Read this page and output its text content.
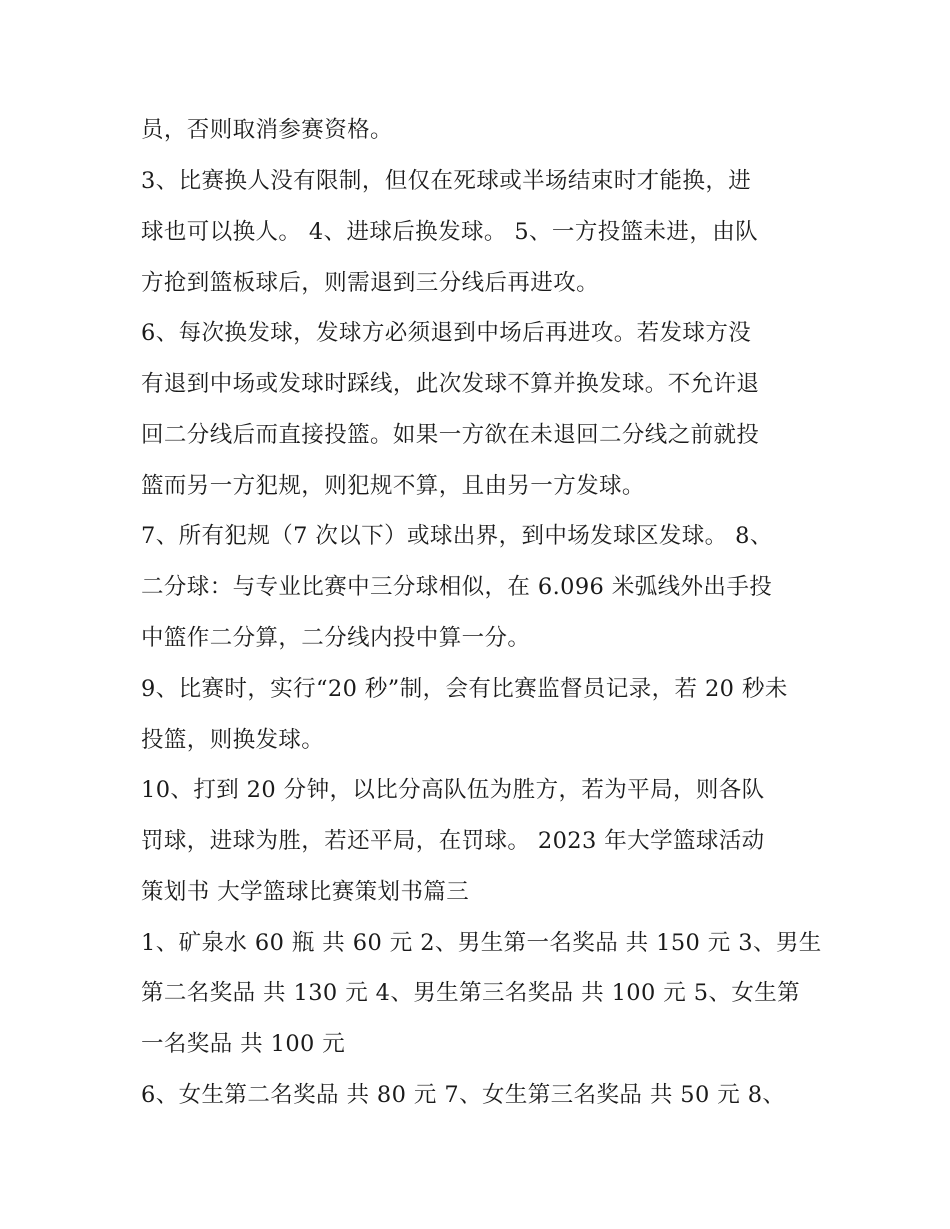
员，否则取消参赛资格。
3、比赛换人没有限制，但仅在死球或半场结束时才能换，进
球也可以换人。 4、进球后换发球。 5、一方投篮未进，由队
方抢到篮板球后，则需退到三分线后再进攻。
6、每次换发球，发球方必须退到中场后再进攻。若发球方没
有退到中场或发球时踩线，此次发球不算并换发球。不允许退
回二分线后而直接投篮。如果一方欲在未退回二分线之前就投
篮而另一方犯规，则犯规不算，且由另一方发球。
7、所有犯规（7 次以下）或球出界，到中场发球区发球。 8、
二分球：与专业比赛中三分球相似，在 6.096 米弧线外出手投
中篮作二分算，二分线内投中算一分。
9、比赛时，实行“20 秒”制，会有比赛监督员记录，若 20 秒未
投篮，则换发球。
10、打到 20 分钟，以比分高队伍为胜方，若为平局，则各队
罚球，进球为胜，若还平局，在罚球。 2023 年大学篮球活动
策划书 大学篮球比赛策划书篇三
1、矿泉水 60 瓶 共 60 元 2、男生第一名奖品 共 150 元 3、男生
第二名奖品 共 130 元 4、男生第三名奖品 共 100 元 5、女生第
一名奖品 共 100 元
6、女生第二名奖品 共 80 元 7、女生第三名奖品 共 50 元 8、
